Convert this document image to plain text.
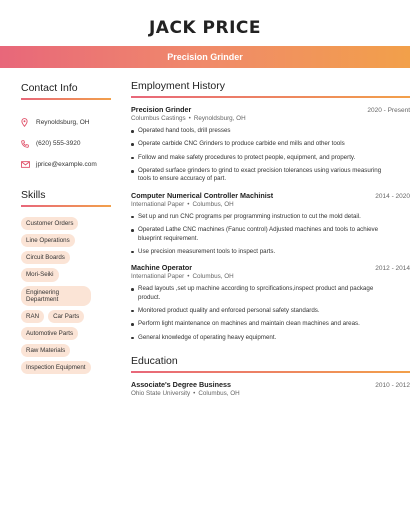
JACK PRICE
Precision Grinder
Contact Info
Reynoldsburg, OH
(620) 555-3920
jprice@example.com
Skills
Customer Orders
Line Operations
Circuit Boards
Mori-Seiki
Engineering Department
RAN	Car Parts
Automotive Parts
Raw Materials
Inspection Equipment
Employment History
Precision Grinder	2020 - Present
Columbus Castings • Reynoldsburg, OH
Operated hand tools, drill presses
Operate carbide CNC Grinders to produce carbide end mills and other tools
Follow and make safety procedures to protect people, equipment, and property.
Operated surface grinders to grind to exact precision tolerances using various measuring tools to ensure accuracy of part.
Computer Numerical Controller Machinist	2014 - 2020
International Paper • Columbus, OH
Set up and run CNC programs per programming instruction to cut the mold detail.
Operated Lathe CNC machines (Fanuc control) Adjusted machines and tools to achieve blueprint requirement.
Use precision measurement tools to inspect parts.
Machine Operator	2012 - 2014
International Paper • Columbus, OH
Read layouts ,set up machine according to sprcifications,inspect product and package product.
Monitored product quality and enforced personal safety standards.
Perform light maintenance on machines and maintain clean machines and areas.
General knowledge of operating heavy equipment.
Education
Associate's Degree Business	2010 - 2012
Ohio State University • Columbus, OH
